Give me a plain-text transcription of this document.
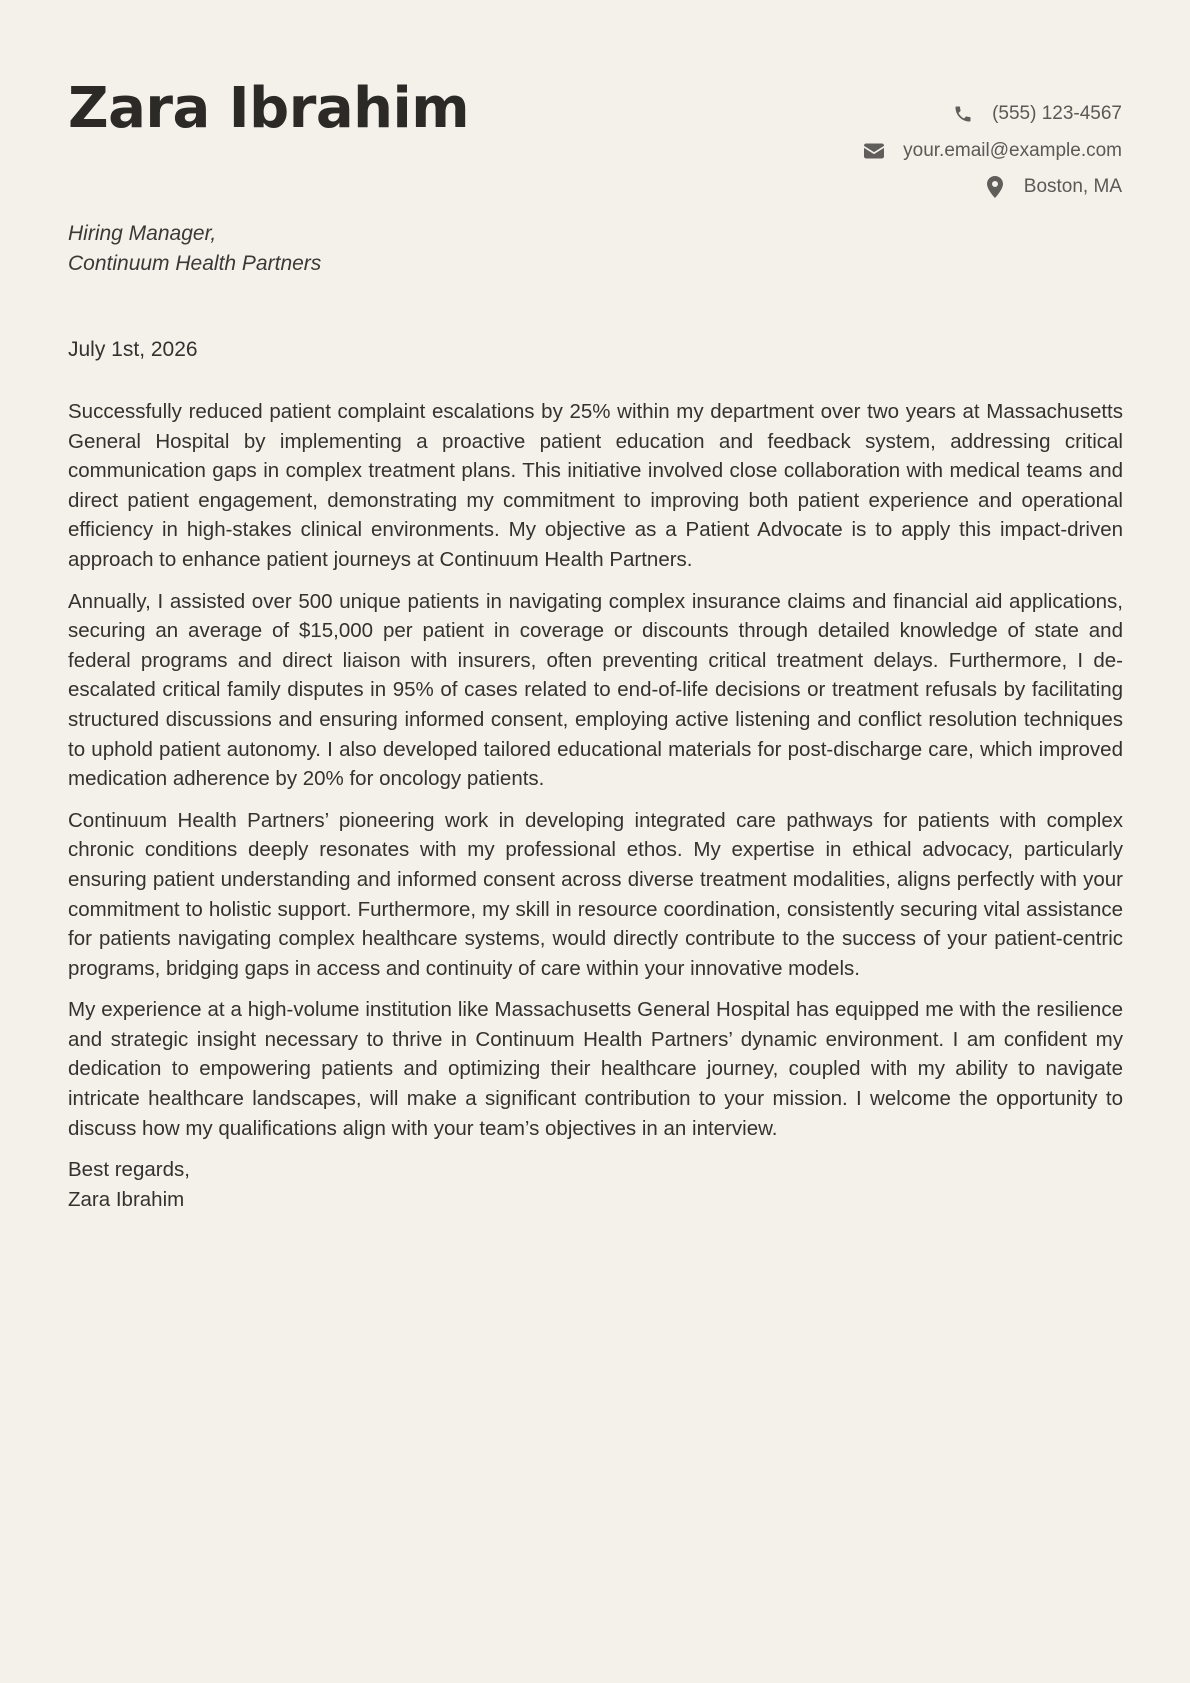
Zara Ibrahim	(555) 123-4567
your.email@example.com
Boston, MA
Hiring Manager,
Continuum Health Partners
July 1st, 2026

Successfully reduced patient complaint escalations by 25% within my department over two years at Massachusetts General Hospital by implementing a proactive patient education and feedback system, addressing critical communication gaps in complex treatment plans. This initiative involved close collaboration with medical teams and direct patient engagement, demonstrating my commitment to improving both patient experience and operational efficiency in high-stakes clinical environments. My objective as a Patient Advocate is to apply this impact-driven approach to enhance patient journeys at Continuum Health Partners.

Annually, I assisted over 500 unique patients in navigating complex insurance claims and financial aid applications, securing an average of $15,000 per patient in coverage or discounts through detailed knowledge of state and federal programs and direct liaison with insurers, often preventing critical treatment delays. Furthermore, I de-escalated critical family disputes in 95% of cases related to end-of-life decisions or treatment refusals by facilitating structured discussions and ensuring informed consent, employing active listening and conflict resolution techniques to uphold patient autonomy. I also developed tailored educational materials for post-discharge care, which improved medication adherence by 20% for oncology patients.

Continuum Health Partners’ pioneering work in developing integrated care pathways for patients with complex chronic conditions deeply resonates with my professional ethos. My expertise in ethical advocacy, particularly ensuring patient understanding and informed consent across diverse treatment modalities, aligns perfectly with your commitment to holistic support. Furthermore, my skill in resource coordination, consistently securing vital assistance for patients navigating complex healthcare systems, would directly contribute to the success of your patient-centric programs, bridging gaps in access and continuity of care within your innovative models.

My experience at a high-volume institution like Massachusetts General Hospital has equipped me with the resilience and strategic insight necessary to thrive in Continuum Health Partners’ dynamic environment. I am confident my dedication to empowering patients and optimizing their healthcare journey, coupled with my ability to navigate intricate healthcare landscapes, will make a significant contribution to your mission. I welcome the opportunity to discuss how my qualifications align with your team’s objectives in an interview.

Best regards,
Zara Ibrahim
